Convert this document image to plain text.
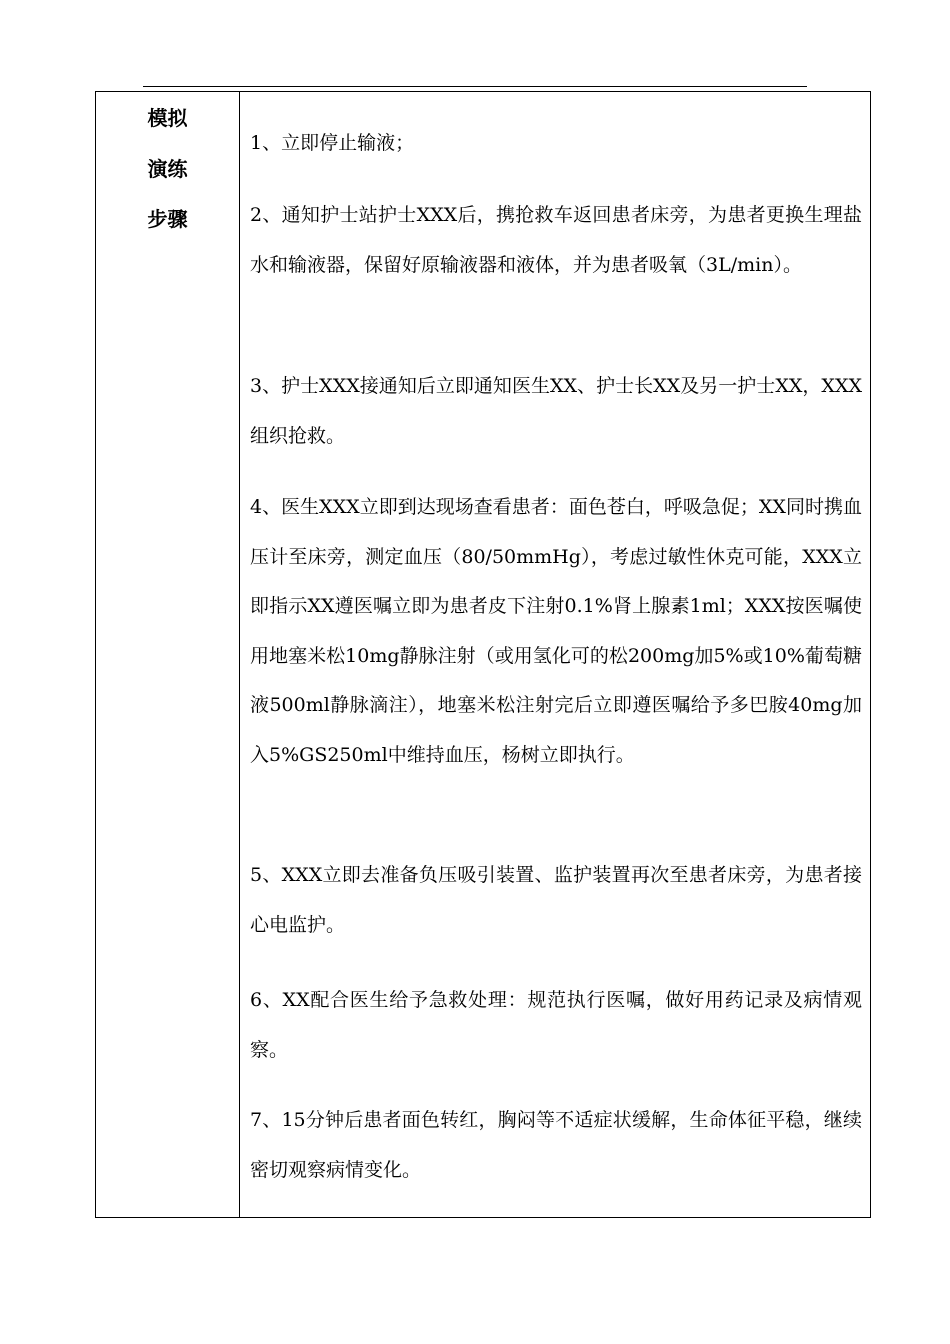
模拟
演练
步骤
1、立即停止输液；
2、通知护士站护士XXX后，携抢救车返回患者床旁，为患者更换生理盐水和输液器，保留好原输液器和液体，并为患者吸氧（3L/min）。
3、护士XXX接通知后立即通知医生XX、护士长XX及另一护士XX，XXX组织抢救。
4、医生XXX立即到达现场查看患者：面色苍白，呼吸急促；XX同时携血压计至床旁，测定血压（80/50mmHg），考虑过敏性休克可能，XXX立即指示XX遵医嘱立即为患者皮下注射0.1%肾上腺素1ml；XXX按医嘱使用地塞米松10mg静脉注射（或用氢化可的松200mg加5%或10%葡萄糖液500ml静脉滴注），地塞米松注射完后立即遵医嘱给予多巴胺40mg加入5%GS250ml中维持血压，杨树立即执行。
5、XXX立即去准备负压吸引装置、监护装置再次至患者床旁，为患者接心电监护。
6、XX配合医生给予急救处理：规范执行医嘱，做好用药记录及病情观察。
7、15分钟后患者面色转红，胸闷等不适症状缓解，生命体征平稳，继续密切观察病情变化。
